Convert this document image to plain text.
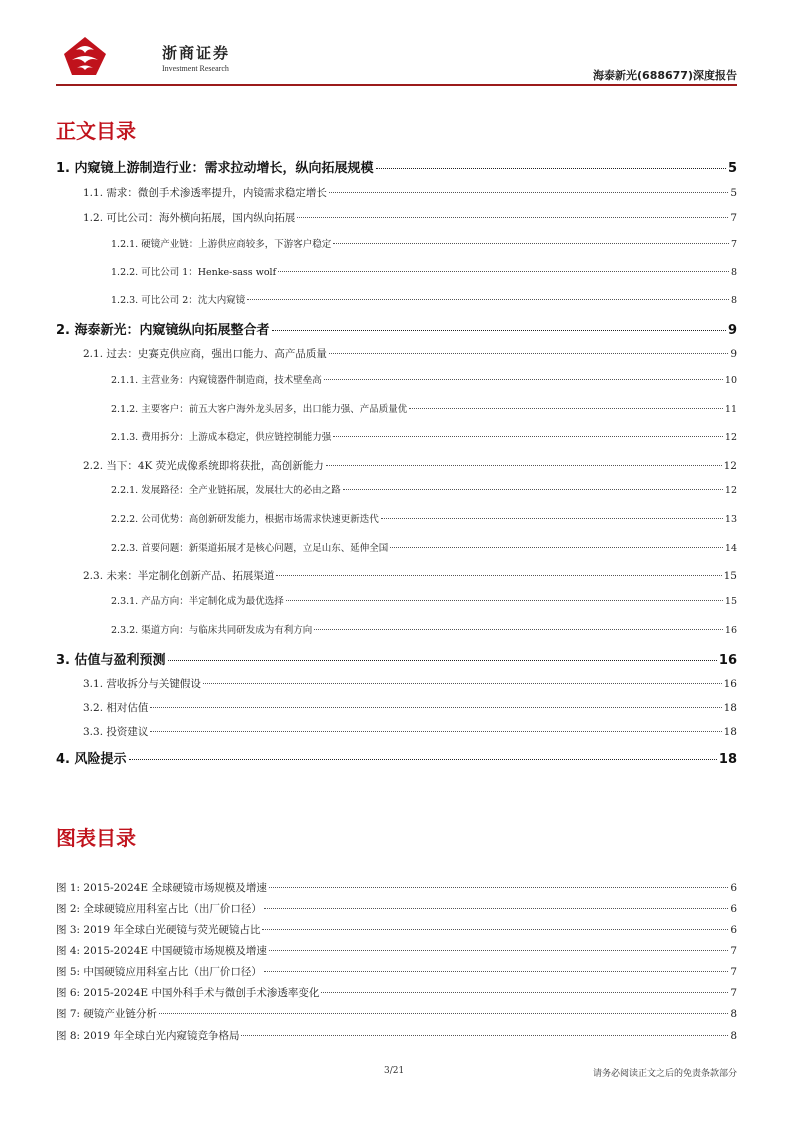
浙商证券
Investment Research
海泰新光(688677)深度报告
正文目录
1. 内窥镜上游制造行业：需求拉动增长，纵向拓展规模	5
1.1. 需求：微创手术渗透率提升，内镜需求稳定增长	5
1.2. 可比公司：海外横向拓展，国内纵向拓展	7
1.2.1. 硬镜产业链：上游供应商较多，下游客户稳定	7
1.2.2. 可比公司 1：Henke-sass wolf	8
1.2.3. 可比公司 2：沈大内窥镜	8
2. 海泰新光：内窥镜纵向拓展整合者	9
2.1. 过去：史赛克供应商，强出口能力、高产品质量	9
2.1.1. 主营业务：内窥镜器件制造商，技术壁垒高	10
2.1.2. 主要客户：前五大客户海外龙头居多，出口能力强、产品质量优	11
2.1.3. 费用拆分：上游成本稳定，供应链控制能力强	12
2.2. 当下：4K 荧光成像系统即将获批，高创新能力	12
2.2.1. 发展路径：全产业链拓展，发展壮大的必由之路	12
2.2.2. 公司优势：高创新研发能力，根据市场需求快速更新迭代	13
2.2.3. 首要问题：新渠道拓展才是核心问题，立足山东、延伸全国	14
2.3. 未来：半定制化创新产品、拓展渠道	15
2.3.1. 产品方向：半定制化成为最优选择	15
2.3.2. 渠道方向：与临床共同研发成为有利方向	16
3. 估值与盈利预测	16
3.1. 营收拆分与关键假设	16
3.2. 相对估值	18
3.3. 投资建议	18
4. 风险提示	18
图表目录
图 1: 2015-2024E 全球硬镜市场规模及增速	6
图 2: 全球硬镜应用科室占比（出厂价口径）	6
图 3: 2019 年全球白光硬镜与荧光硬镜占比	6
图 4: 2015-2024E 中国硬镜市场规模及增速	7
图 5: 中国硬镜应用科室占比（出厂价口径）	7
图 6: 2015-2024E 中国外科手术与微创手术渗透率变化	7
图 7: 硬镜产业链分析	8
图 8: 2019 年全球白光内窥镜竞争格局	8
3/21	请务必阅读正文之后的免责条款部分
